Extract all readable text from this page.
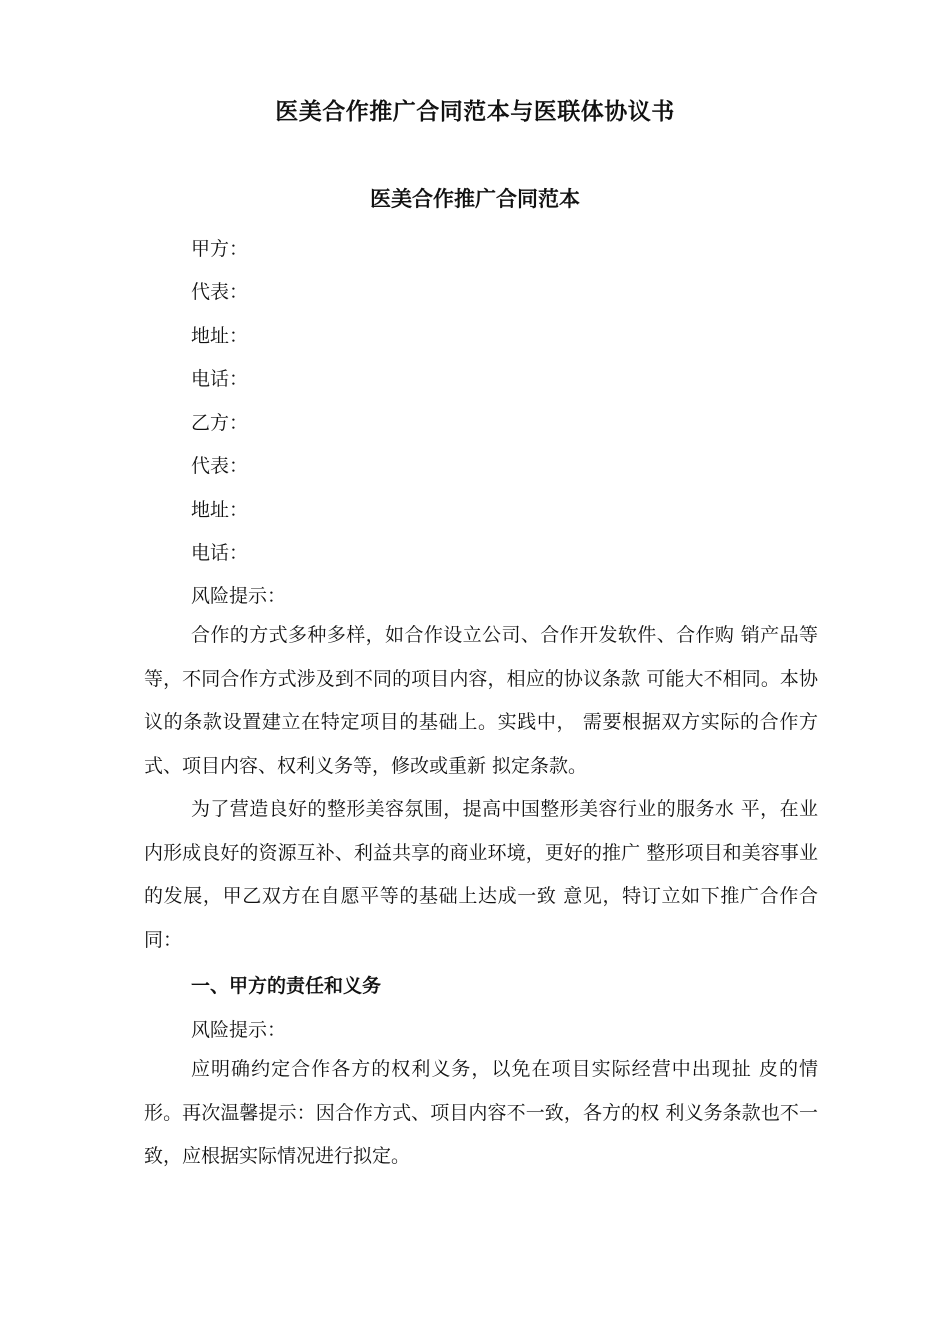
医美合作推广合同范本与医联体协议书
医美合作推广合同范本

甲方：

代表：

地址：

电话：

乙方：

代表：

地址：

电话：

风险提示：

合作的方式多种多样，如合作设立公司、合作开发软件、合作购 销产品等等，不同合作方式涉及到不同的项目内容，相应的协议条款 可能大不相同。本协议的条款设置建立在特定项目的基础上。实践中， 需要根据双方实际的合作方式、项目内容、权利义务等，修改或重新 拟定条款。

为了营造良好的整形美容氛围，提高中国整形美容行业的服务水 平，在业内形成良好的资源互补、利益共享的商业环境，更好的推广 整形项目和美容事业的发展，甲乙双方在自愿平等的基础上达成一致 意见，特订立如下推广合作合同：

一、甲方的责任和义务

风险提示：

应明确约定合作各方的权利义务，以免在项目实际经营中出现扯 皮的情形。再次温馨提示：因合作方式、项目内容不一致，各方的权 利义务条款也不一致，应根据实际情况进行拟定。
